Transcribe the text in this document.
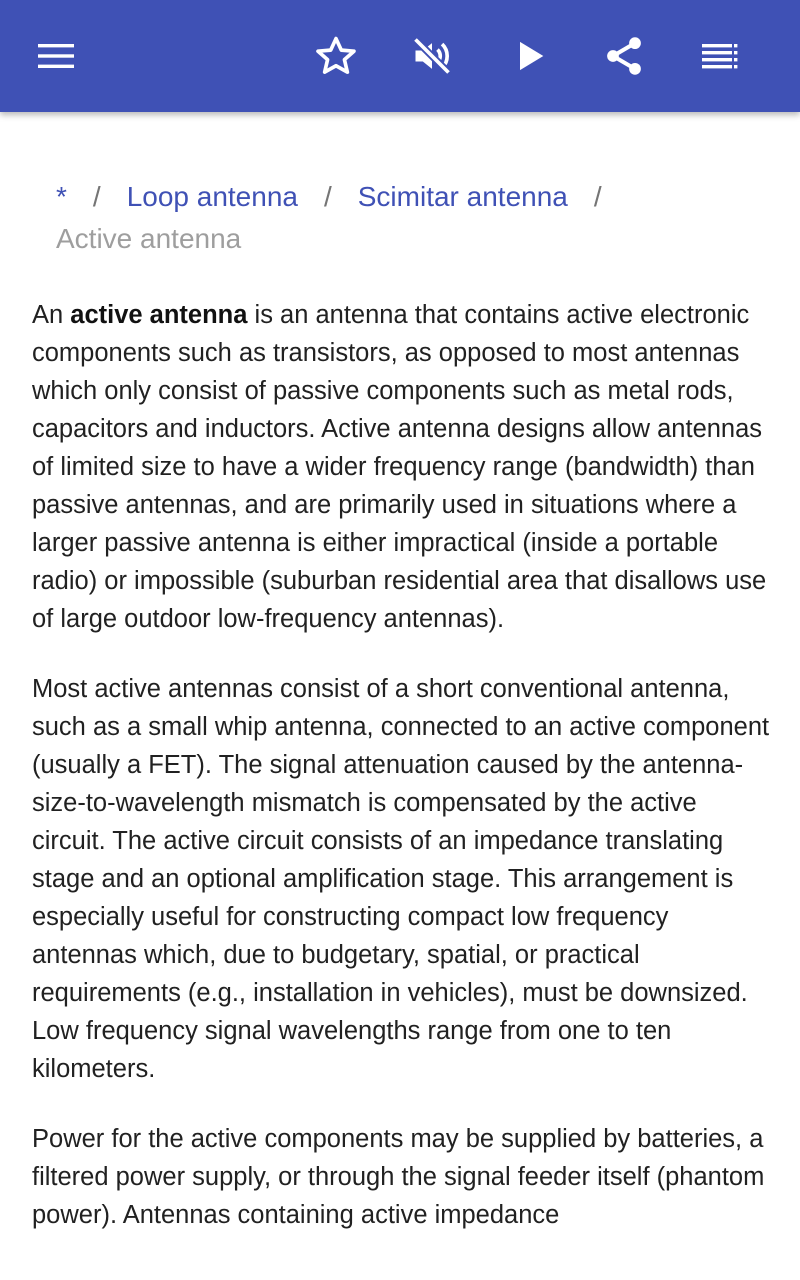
* / Loop antenna / Scimitar antenna /
Active antenna

An active antenna is an antenna that contains active electronic components such as transistors, as opposed to most antennas which only consist of passive components such as metal rods, capacitors and inductors. Active antenna designs allow antennas of limited size to have a wider frequency range (bandwidth) than passive antennas, and are primarily used in situations where a larger passive antenna is either impractical (inside a portable radio) or impossible (suburban residential area that disallows use of large outdoor low-frequency antennas).

Most active antennas consist of a short conventional antenna, such as a small whip antenna, connected to an active component (usually a FET). The signal attenuation caused by the antenna-size-to-wavelength mismatch is compensated by the active circuit. The active circuit consists of an impedance translating stage and an optional amplification stage. This arrangement is especially useful for constructing compact low frequency antennas which, due to budgetary, spatial, or practical requirements (e.g., installation in vehicles), must be downsized. Low frequency signal wavelengths range from one to ten kilometers.

Power for the active components may be supplied by batteries, a filtered power supply, or through the signal feeder itself (phantom power). Antennas containing active impedance
